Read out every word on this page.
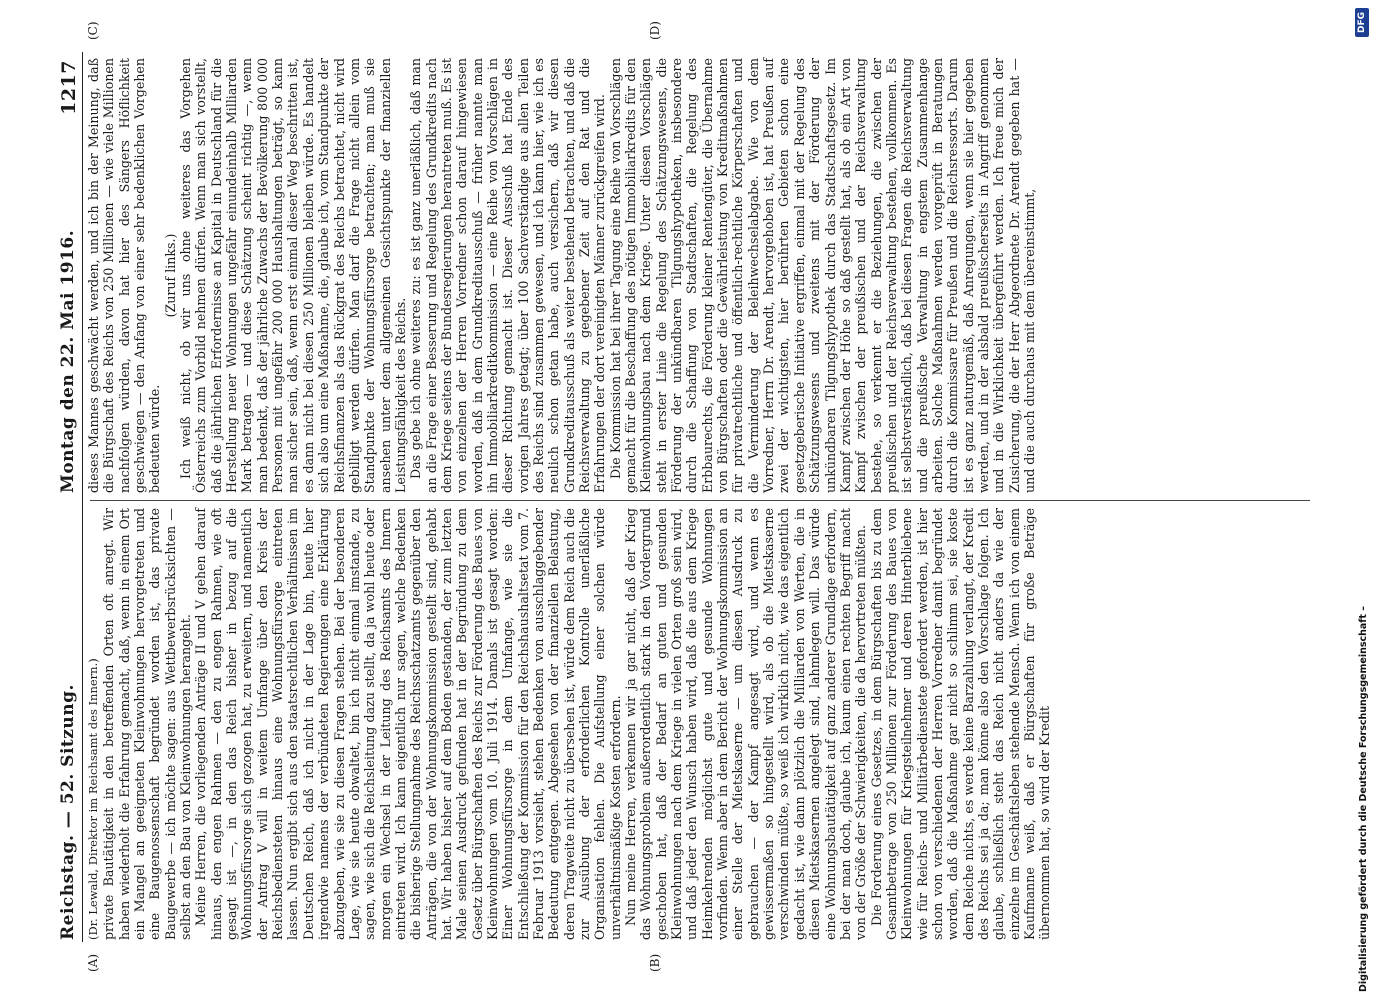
Reichstag. — 52. Sitzung.
Montag den 22. Mai 1916.
1217
(A)	(B)
(C)	(D)

(Dr. Lewald, Direktor im Reichsamt des Innern.) private Bautätigkeit in den betreffenden Orten oft anregt. Wir haben wiederholt die Erfahrung gemacht, daß, wenn in einem Ort ein Mangel an geeigneten Kleinwohnungen hervorgetreten und eine Baugenossenschaft begründet worden ist, das private Baugewerbe — ich möchte sagen: aus Wettbewerbsrücksichten — selbst an den Bau von Kleinwohnungen herangeht. Meine Herren, die vorliegenden Anträge II und V gehen darauf hinaus, den engen Rahmen — den zu engen Rahmen, wie oft gesagt ist —, in den das Reich bisher in bezug auf die Wohnungsfürsorge sich gezogen hat, zu erweitern, und namentlich der Antrag V will in weitem Umfange über den Kreis der Reichsbediensteten hinaus eine Wohnungsfürsorge eintreten lassen. Nun ergibt sich aus den staatsrechtlichen Verhältnissen im Deutschen Reich, daß ich nicht in der Lage bin, heute hier irgendwie namens der verbündeten Regierungen eine Erklärung abzugeben, wie sie zu diesen Fragen stehen. Bei der besonderen Lage, wie sie heute obwaltet, bin ich nicht einmal imstande, zu sagen, wie sich die Reichsleitung dazu stellt, da ja wohl heute oder morgen ein Wechsel in der Leitung des Reichsamts des Innern eintreten wird. Ich kann eigentlich nur sagen, welche Bedenken die bisherige Stellungnahme des Reichsschatzamts gegenüber den Anträgen, die von der Wohnungskommission gestellt sind, gehabt hat. Wir haben bisher auf dem Boden gestanden, der zum letzten Male seinen Ausdruck gefunden hat in der Begründung zu dem Gesetz über Bürgschaften des Reichs zur Förderung des Baues von Kleinwohnungen vom 10. Juli 1914. Damals ist gesagt worden: Einer Wohnungsfürsorge in dem Umfange, wie sie die Entschließung der Kommission für den Reichshaushaltsetat vom 7. Februar 1913 vorsieht, stehen Bedenken von ausschlaggebender Bedeutung entgegen. Abgesehen von der finanziellen Belastung, deren Tragweite nicht zu übersehen ist, würde dem Reich auch die zur Ausübung der erforderlichen Kontrolle unerläßliche Organisation fehlen. Die Aufstellung einer solchen würde unverhältnismäßige Kosten erfordern. Nun meine Herren, verkennen wir ja gar nicht, daß der Krieg das Wohnungsproblem außerordentlich stark in den Vordergrund geschoben hat, daß der Bedarf an guten und gesunden Kleinwohnungen nach dem Kriege in vielen Orten groß sein wird, und daß jeder den Wunsch haben wird, daß die aus dem Kriege Heimkehrenden möglichst gute und gesunde Wohnungen vorfinden. Wenn aber in dem Bericht der Wohnungskommission an einer Stelle der Mietskaserne — um diesen Ausdruck zu gebrauchen — der Kampf angesagt wird, und wenn es gewissermaßen so hingestellt wird, als ob die Mietskaserne verschwinden müßte, so weiß ich wirklich nicht, wie das eigentlich gedacht ist, wie dann plötzlich die Milliarden von Werten, die in diesen Mietskasernen angelegt sind, lahmlegen will. Das würde eine Wohnungsbautätigkeit auf ganz anderer Grundlage erfordern, bei der man doch, glaube ich, kaum einen rechten Begriff macht von der Größe der Schwierigkeiten, die da hervortreten müßten. Die Forderung eines Gesetzes, in dem Bürgschaften bis zu dem Gesamtbetrage von 250 Millionen zur Förderung des Baues von Kleinwohnungen für Kriegsteilnehmer und deren Hinterbliebene wie für Reichs- und Militärbedienstete gefordert werden, ist hier schon von verschiedenen der Herren Vorredner damit begründet worden, daß die Maßnahme gar nicht so schlimm sei, sie koste dem Reiche nichts, es werde keine Barzahlung verlangt, der Kredit des Reichs sei ja da; man könne also den Vorschlage folgen. Ich glaube, schließlich steht das Reich nicht anders da wie der einzelne im Geschäftsleben stehende Mensch. Wenn ich von einem Kaufmanne weiß, daß er Bürgschaften für große Beträge übernommen hat, so wird der Kredit

dieses Mannes geschwächt werden, und ich bin der Meinung, daß die Bürgschaft des Reichs von 250 Millionen — wie viele Millionen nachfolgen würden, davon hat hier des Sängers Höflichkeit geschwiegen — den Anfang von einer sehr bedenklichen Vorgehen bedeuten würde.

(Zuruf links.) Ich weiß nicht, ob wir uns ohne weiteres das Vorgehen Österreichs zum Vorbild nehmen dürfen. Wenn man sich vorstellt, daß die jährlichen Erfordernisse an Kapital in Deutschland für die Herstellung neuer Wohnungen ungefähr einundeinhalb Milliarden Mark betragen — und diese Schätzung scheint richtig —, wenn man bedenkt, daß der jährliche Zuwachs der Bevölkerung 800 000 Personen mit ungefähr 200 000 Haushaltungen beträgt, so kann man sicher sein, daß, wenn erst einmal dieser Weg beschritten ist, es dann nicht bei diesen 250 Millionen bleiben würde. Es handelt sich also um eine Maßnahme, die, glaube ich, vom Standpunkte der Reichsfinanzen als das Rückgrat des Reichs betrachtet, nicht wird gebilligt werden dürfen. Man darf die Frage nicht allein vom Standpunkte der Wohnungsfürsorge betrachten; man muß sie ansehen unter dem allgemeinen Gesichtspunkte der finanziellen Leistungsfähigkeit des Reichs. Das gebe ich ohne weiteres zu: es ist ganz unerläßlich, daß man an die Frage einer Besserung und Regelung des Grundkredits nach dem Kriege seitens der Bundesregierungen herantreten muß. Es ist von einzelnen der Herren Vorredner schon darauf hingewiesen worden, daß in dem Grundkreditausschuß — früher nannte man ihn Immobiliarkreditkommission — eine Reihe von Vorschlägen in dieser Richtung gemacht ist. Dieser Ausschuß hat Ende des vorigen Jahres getagt; über 100 Sachverständige aus allen Teilen des Reichs sind zusammen gewesen, und ich kann hier, wie ich es neulich schon getan habe, auch versichern, daß wir diesen Grundkreditausschuß als weiter bestehend betrachten, und daß die Reichsverwaltung zu gegebener Zeit auf den Rat und die Erfahrungen der dort vereinigten Männer zurückgreifen wird. Die Kommission hat bei ihrer Tagung eine Reihe von Vorschlägen gemacht für die Beschaffung des nötigen Immobiliarkredits für den Kleinwohnungsbau nach dem Kriege. Unter diesen Vorschlägen steht in erster Linie die Regelung des Schätzungswesens, die Förderung der unkündbaren Tilgungshypotheken, insbesondere durch die Schaffung von Stadtschaften, die Regelung des Erbbaurechts, die Förderung kleiner Rentengüter, die Übernahme von Bürgschaften oder die Gewährleistung von Kreditmaßnahmen für privatrechtliche und öffentlich-rechtliche Körperschaften und die Verminderung der Beleihwechselabgabe. Wie von dem Vorredner, Herrn Dr. Arendt, hervorgehoben ist, hat Preußen auf zwei der wichtigsten, hier berührten Gebieten schon eine gesetzgeberische Initiative ergriffen, einmal mit der Regelung des Schätzungswesens und zweitens mit der Förderung der unkündbaren Tilgungshypothek durch das Stadtschaftsgesetz. Im Kampf zwischen der Höhe so daß gestellt hat, als ob ein Art von Kampf zwischen der preußischen und der Reichsverwaltung bestehe, so verkennt er die Beziehungen, die zwischen der preußischen und der Reichsverwaltung bestehen, vollkommen. Es ist selbstverständlich, daß bei diesen Fragen die Reichsverwaltung und die preußische Verwaltung in engstem Zusammenhange arbeiten. Solche Maßnahmen werden vorgeprüft in Beratungen durch die Kommissare für Preußen und die Reichsressorts. Darum ist es ganz naturgemäß, daß Anregungen, wenn sie hier gegeben werden, und in der alsbald preußischerseits in Angriff genommen und in die Wirklichkeit übergeführt werden. Ich freue mich der Zusicherung, die der Herr Abgeordnete Dr. Arendt gegeben hat — und die auch durchaus mit dem übereinstimmt,

Digitalisierung gefördert durch die Deutsche Forschungsgemeinschaft –
DFG
